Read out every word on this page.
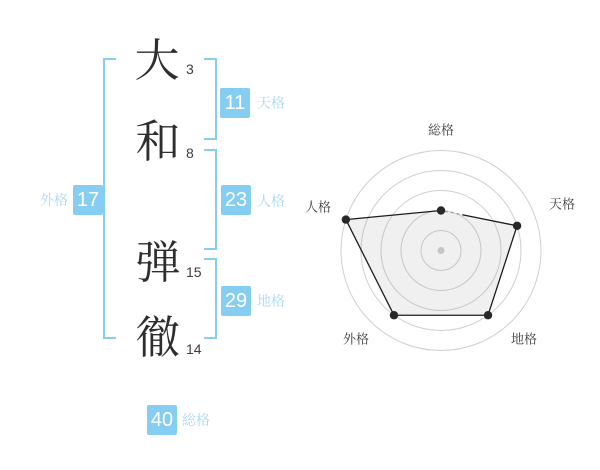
大 3
和 8
弾 15
徹 14
11 天格
23 人格
29 地格
外格 17
40 総格
総格
天格
地格
外格
人格
